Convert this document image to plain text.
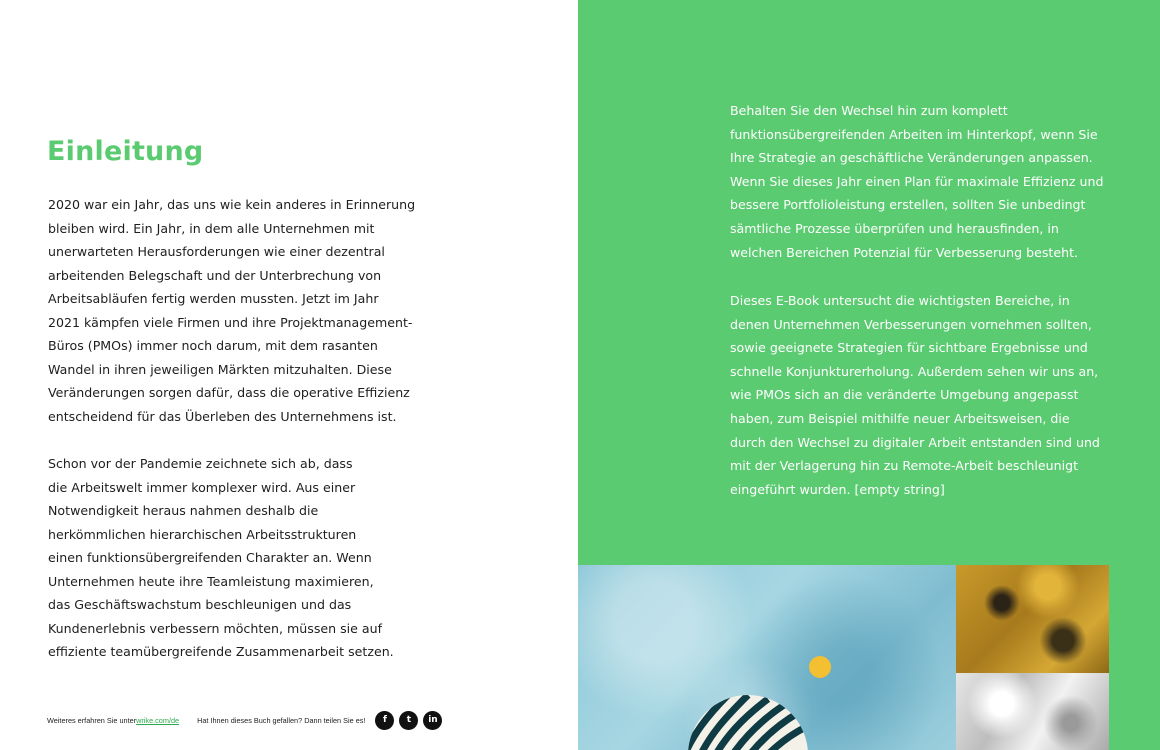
Einleitung

2020 war ein Jahr, das uns wie kein anderes in Erinnerung
bleiben wird. Ein Jahr, in dem alle Unternehmen mit
unerwarteten Herausforderungen wie einer dezentral
arbeitenden Belegschaft und der Unterbrechung von
Arbeitsabläufen fertig werden mussten. Jetzt im Jahr
2021 kämpfen viele Firmen und ihre Projektmanagement-
Büros (PMOs) immer noch darum, mit dem rasanten
Wandel in ihren jeweiligen Märkten mitzuhalten. Diese
Veränderungen sorgen dafür, dass die operative Effizienz
entscheidend für das Überleben des Unternehmens ist.

Schon vor der Pandemie zeichnete sich ab, dass
die Arbeitswelt immer komplexer wird. Aus einer
Notwendigkeit heraus nahmen deshalb die
herkömmlichen hierarchischen Arbeitsstrukturen
einen funktionsübergreifenden Charakter an. Wenn
Unternehmen heute ihre Teamleistung maximieren,
das Geschäftswachstum beschleunigen und das
Kundenerlebnis verbessern möchten, müssen sie auf
effiziente teamübergreifende Zusammenarbeit setzen.

Weiteres erfahren Sie unter wrike.com/de Hat Ihnen dieses Buch gefallen? Dann teilen Sie es!	f	t	in

Behalten Sie den Wechsel hin zum komplett
funktionsübergreifenden Arbeiten im Hinterkopf, wenn Sie
Ihre Strategie an geschäftliche Veränderungen anpassen.
Wenn Sie dieses Jahr einen Plan für maximale Effizienz und
bessere Portfolioleistung erstellen, sollten Sie unbedingt
sämtliche Prozesse überprüfen und herausfinden, in
welchen Bereichen Potenzial für Verbesserung besteht.

Dieses E-Book untersucht die wichtigsten Bereiche, in
denen Unternehmen Verbesserungen vornehmen sollten,
sowie geeignete Strategien für sichtbare Ergebnisse und
schnelle Konjunkturerholung. Außerdem sehen wir uns an,
wie PMOs sich an die veränderte Umgebung angepasst
haben, zum Beispiel mithilfe neuer Arbeitsweisen, die
durch den Wechsel zu digitaler Arbeit entstanden sind und
mit der Verlagerung hin zu Remote-Arbeit beschleunigt
eingeführt wurden. [empty string]
